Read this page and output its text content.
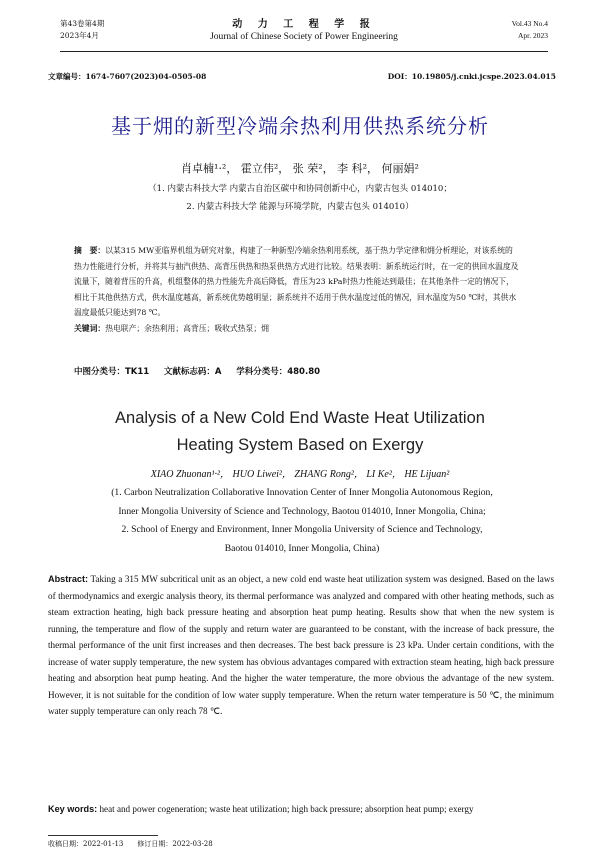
第43卷第4期
2023年4月
动 力 工 程 学 报
Journal of Chinese Society of Power Engineering
Vol.43 No.4
Apr. 2023
文章编号：1674-7607(2023)04-0505-08	DOI：10.19805/j.cnki.jcspe.2023.04.015
基于㶲的新型冷端余热利用供热系统分析
肖卓楠¹·²， 霍立伟²， 张 荣²， 李 科²， 何丽娟²
（1. 内蒙古科技大学 内蒙古自治区碳中和协同创新中心，内蒙古包头 014010；
2. 内蒙古科技大学 能源与环境学院，内蒙古包头 014010）
摘　要：以某315 MW亚临界机组为研究对象，构建了一种新型冷端余热利用系统，基于热力学定律和㶲分析理论，对该系统的热力性能进行分析，并将其与抽汽供热、高背压供热和热泵供热方式进行比较。结果表明：新系统运行时，在一定的供回水温度及流量下，随着背压的升高，机组整体的热力性能先升高后降低，背压为23 kPa时热力性能达到最佳；在其他条件一定的情况下，相比于其他供热方式，供水温度越高，新系统优势越明显；新系统并不适用于供水温度过低的情况，回水温度为50 ℃时，其供水温度最低只能达到78 ℃。
关键词：热电联产；余热利用；高背压；吸收式热泵；㶲
中图分类号：TK11 文献标志码：A 学科分类号：480.80
Analysis of a New Cold End Waste Heat Utilization
Heating System Based on Exergy
XIAO Zhuonan¹·²， HUO Liwei²， ZHANG Rong²， LI Ke²， HE Lijuan²
(1. Carbon Neutralization Collaborative Innovation Center of Inner Mongolia Autonomous Region,
Inner Mongolia University of Science and Technology, Baotou 014010, Inner Mongolia, China;
2. School of Energy and Environment, Inner Mongolia University of Science and Technology,
Baotou 014010, Inner Mongolia, China)
Abstract: Taking a 315 MW subcritical unit as an object, a new cold end waste heat utilization system was designed. Based on the laws of thermodynamics and exergic analysis theory, its thermal performance was analyzed and compared with other heating methods, such as steam extraction heating, high back pressure heating and absorption heat pump heating. Results show that when the new system is running, the temperature and flow of the supply and return water are guaranteed to be constant, with the increase of back pressure, the thermal performance of the unit first increases and then decreases. The best back pressure is 23 kPa. Under certain conditions, with the increase of water supply temperature, the new system has obvious advantages compared with extraction steam heating, high back pressure heating and absorption heat pump heating. And the higher the water temperature, the more obvious the advantage of the new system. However, it is not suitable for the condition of low water supply temperature. When the return water temperature is 50 ℃, the minimum water supply temperature can only reach 78 ℃.
Key words: heat and power cogeneration; waste heat utilization; high back pressure; absorption heat pump; exergy
收稿日期：2022-01-13　　修订日期：2022-03-28
